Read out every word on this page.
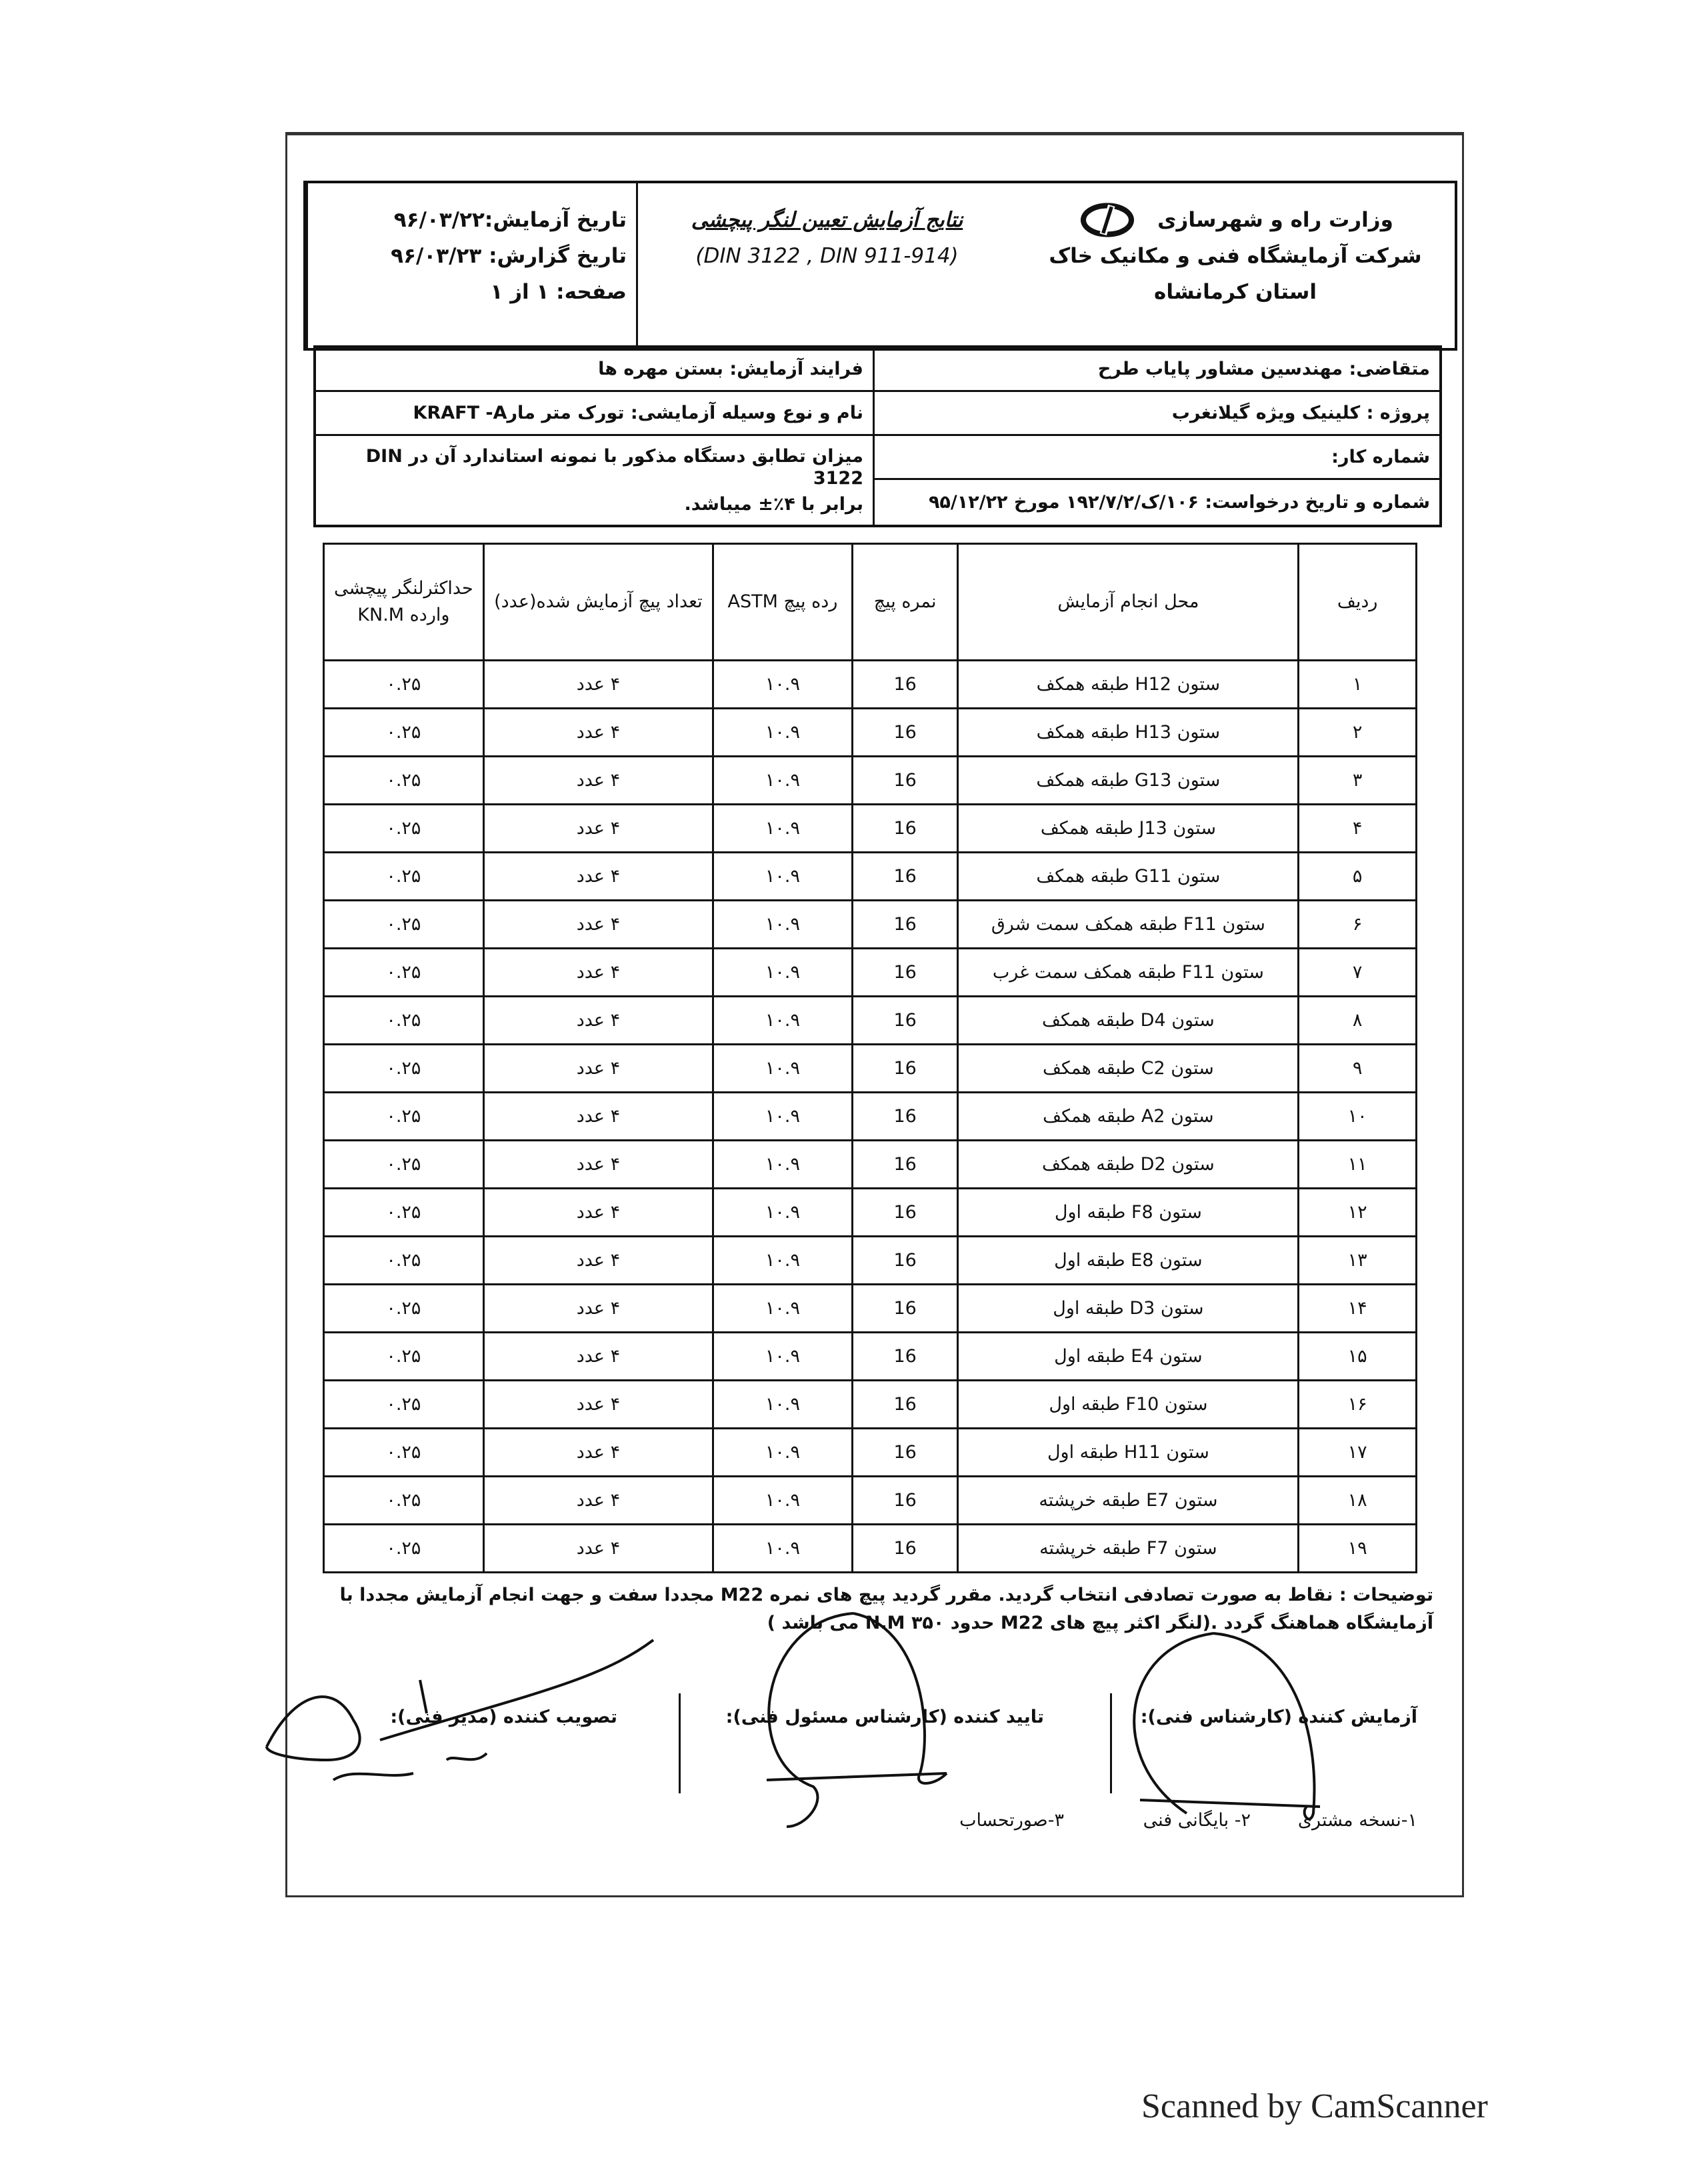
وزارت راه و شهرسازی
شرکت آزمایشگاه فنی و مکانیک خاک
استان کرمانشاه
نتایج آزمایش تعیین لنگر پیچشی
(DIN 3122 , DIN 911-914)
تاریخ آزمایش:۹۶/۰۳/۲۲
تاریخ گزارش: ۹۶/۰۳/۲۳
صفحه: ۱ از ۱
متقاضی: مهندسین مشاور پایاب طرح
پروژه : کلینیک ویژه گیلانغرب
شماره کار:
شماره و تاریخ درخواست: ۱۰۶/ک/۱۹۲/۷/۲ مورخ ۹۵/۱۲/۲۲
فرایند آزمایش: بستن مهره ها
نام و نوع وسیله آزمایشی: تورک متر مارKRAFT -A
میزان تطابق دستگاه مذکور با نمونه استاندارد آن در DIN 3122
برابر با ۴٪± میباشد.
ردیف	محل انجام آزمایش	نمره پیچ	رده پیچ ASTM	تعداد پیچ آزمایش شده(عدد)	حداکثرلنگر پیچشی وارده KN.M
۱	ستون H12 طبقه همکف	16	۱۰.۹	۴ عدد	۰.۲۵
۲	ستون H13 طبقه همکف	16	۱۰.۹	۴ عدد	۰.۲۵
۳	ستون G13 طبقه همکف	16	۱۰.۹	۴ عدد	۰.۲۵
۴	ستون J13 طبقه همکف	16	۱۰.۹	۴ عدد	۰.۲۵
۵	ستون G11 طبقه همکف	16	۱۰.۹	۴ عدد	۰.۲۵
۶	ستون F11 طبقه همکف سمت شرق	16	۱۰.۹	۴ عدد	۰.۲۵
۷	ستون F11 طبقه همکف سمت غرب	16	۱۰.۹	۴ عدد	۰.۲۵
۸	ستون D4 طبقه همکف	16	۱۰.۹	۴ عدد	۰.۲۵
۹	ستون C2 طبقه همکف	16	۱۰.۹	۴ عدد	۰.۲۵
۱۰	ستون A2 طبقه همکف	16	۱۰.۹	۴ عدد	۰.۲۵
۱۱	ستون D2 طبقه همکف	16	۱۰.۹	۴ عدد	۰.۲۵
۱۲	ستون F8 طبقه اول	16	۱۰.۹	۴ عدد	۰.۲۵
۱۳	ستون E8 طبقه اول	16	۱۰.۹	۴ عدد	۰.۲۵
۱۴	ستون D3 طبقه اول	16	۱۰.۹	۴ عدد	۰.۲۵
۱۵	ستون E4 طبقه اول	16	۱۰.۹	۴ عدد	۰.۲۵
۱۶	ستون F10 طبقه اول	16	۱۰.۹	۴ عدد	۰.۲۵
۱۷	ستون H11 طبقه اول	16	۱۰.۹	۴ عدد	۰.۲۵
۱۸	ستون E7 طبقه خرپشته	16	۱۰.۹	۴ عدد	۰.۲۵
۱۹	ستون F7 طبقه خرپشته	16	۱۰.۹	۴ عدد	۰.۲۵
توضیحات : نقاط به صورت تصادفی انتخاب گردید. مقرر گردید پیچ های نمره M22 مجددا سفت و جهت انجام آزمایش مجددا با
آزمایشگاه هماهنگ گردد .(لنگر اکثر پیچ های M22 حدود ۳۵۰ N.M می باشد )
آزمایش کننده (کارشناس فنی):
تایید کننده (کارشناس مسئول فنی):
تصویب کننده (مدیر فنی):
۱-نسخه مشتری
۲- بایگانی فنی
۳-صورتحساب
Scanned by CamScanner
